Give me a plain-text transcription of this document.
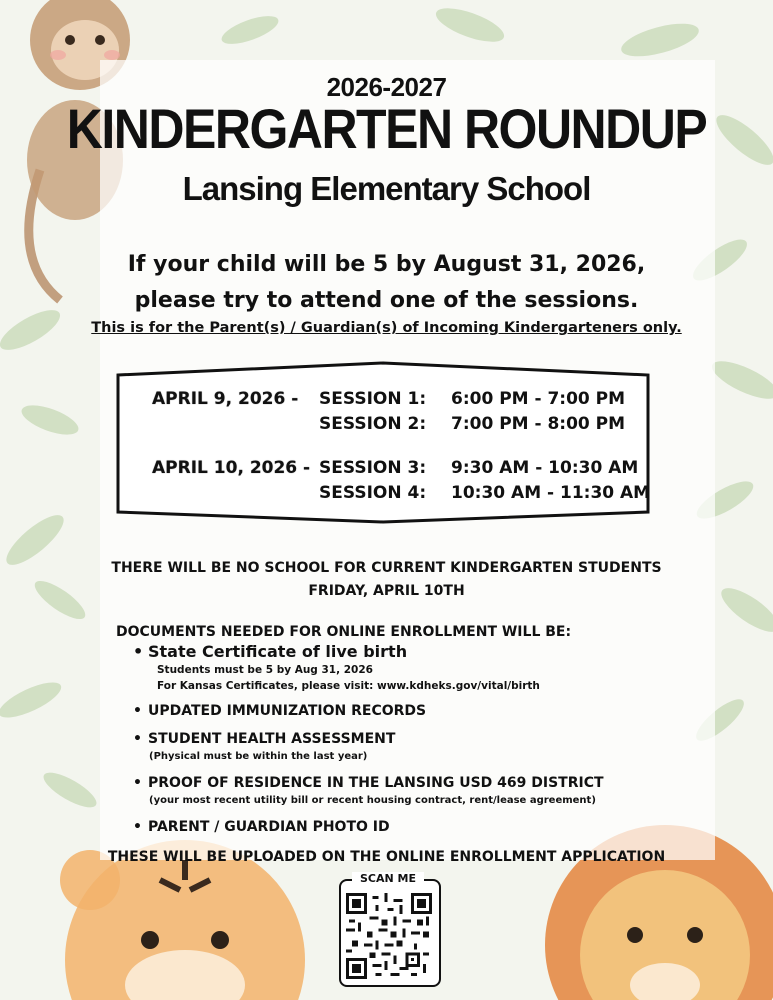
2026-2027
KINDERGARTEN ROUNDUP
Lansing Elementary School
If your child will be 5 by August 31, 2026,
please try to attend one of the sessions.
This is for the Parent(s) / Guardian(s) of Incoming Kindergarteners only.
APRIL 9, 2026 - SESSION 1: 6:00 PM - 7:00 PM
SESSION 2: 7:00 PM - 8:00 PM
APRIL 10, 2026 - SESSION 3: 9:30 AM - 10:30 AM
SESSION 4: 10:30 AM - 11:30 AM
THERE WILL BE NO SCHOOL FOR CURRENT KINDERGARTEN STUDENTS
FRIDAY, APRIL 10TH
DOCUMENTS NEEDED FOR ONLINE ENROLLMENT WILL BE:
• State Certificate of live birth
Students must be 5 by Aug 31, 2026
For Kansas Certificates, please visit: www.kdheks.gov/vital/birth
• UPDATED IMMUNIZATION RECORDS
• STUDENT HEALTH ASSESSMENT
(Physical must be within the last year)
• PROOF OF RESIDENCE IN THE LANSING USD 469 DISTRICT
(your most recent utility bill or recent housing contract, rent/lease agreement)
• PARENT / GUARDIAN PHOTO ID
THESE WILL BE UPLOADED ON THE ONLINE ENROLLMENT APPLICATION
SCAN ME
